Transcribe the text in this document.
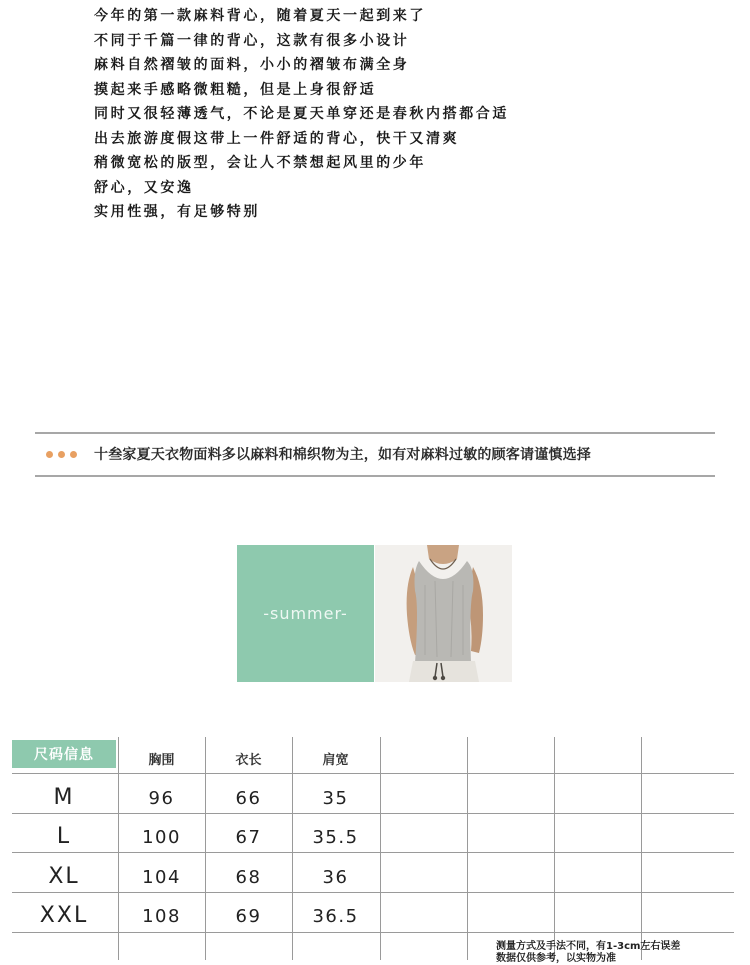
今年的第一款麻料背心，随着夏天一起到来了
不同于千篇一律的背心，这款有很多小设计
麻料自然褶皱的面料，小小的褶皱布满全身
摸起来手感略微粗糙，但是上身很舒适
同时又很轻薄透气，不论是夏天单穿还是春秋内搭都合适
出去旅游度假这带上一件舒适的背心，快干又清爽
稍微宽松的版型，会让人不禁想起风里的少年
舒心，又安逸
实用性强，有足够特别
十叁家夏天衣物面料多以麻料和棉织物为主，如有对麻料过敏的顾客请谨慎选择
-summer-
尺码信息	胸围	衣长	肩宽
M	96	66	35
L	100	67	35.5
XL	104	68	36
XXL	108	69	36.5
测量方式及手法不同，有1-3cm左右误差
数据仅供参考，以实物为准
